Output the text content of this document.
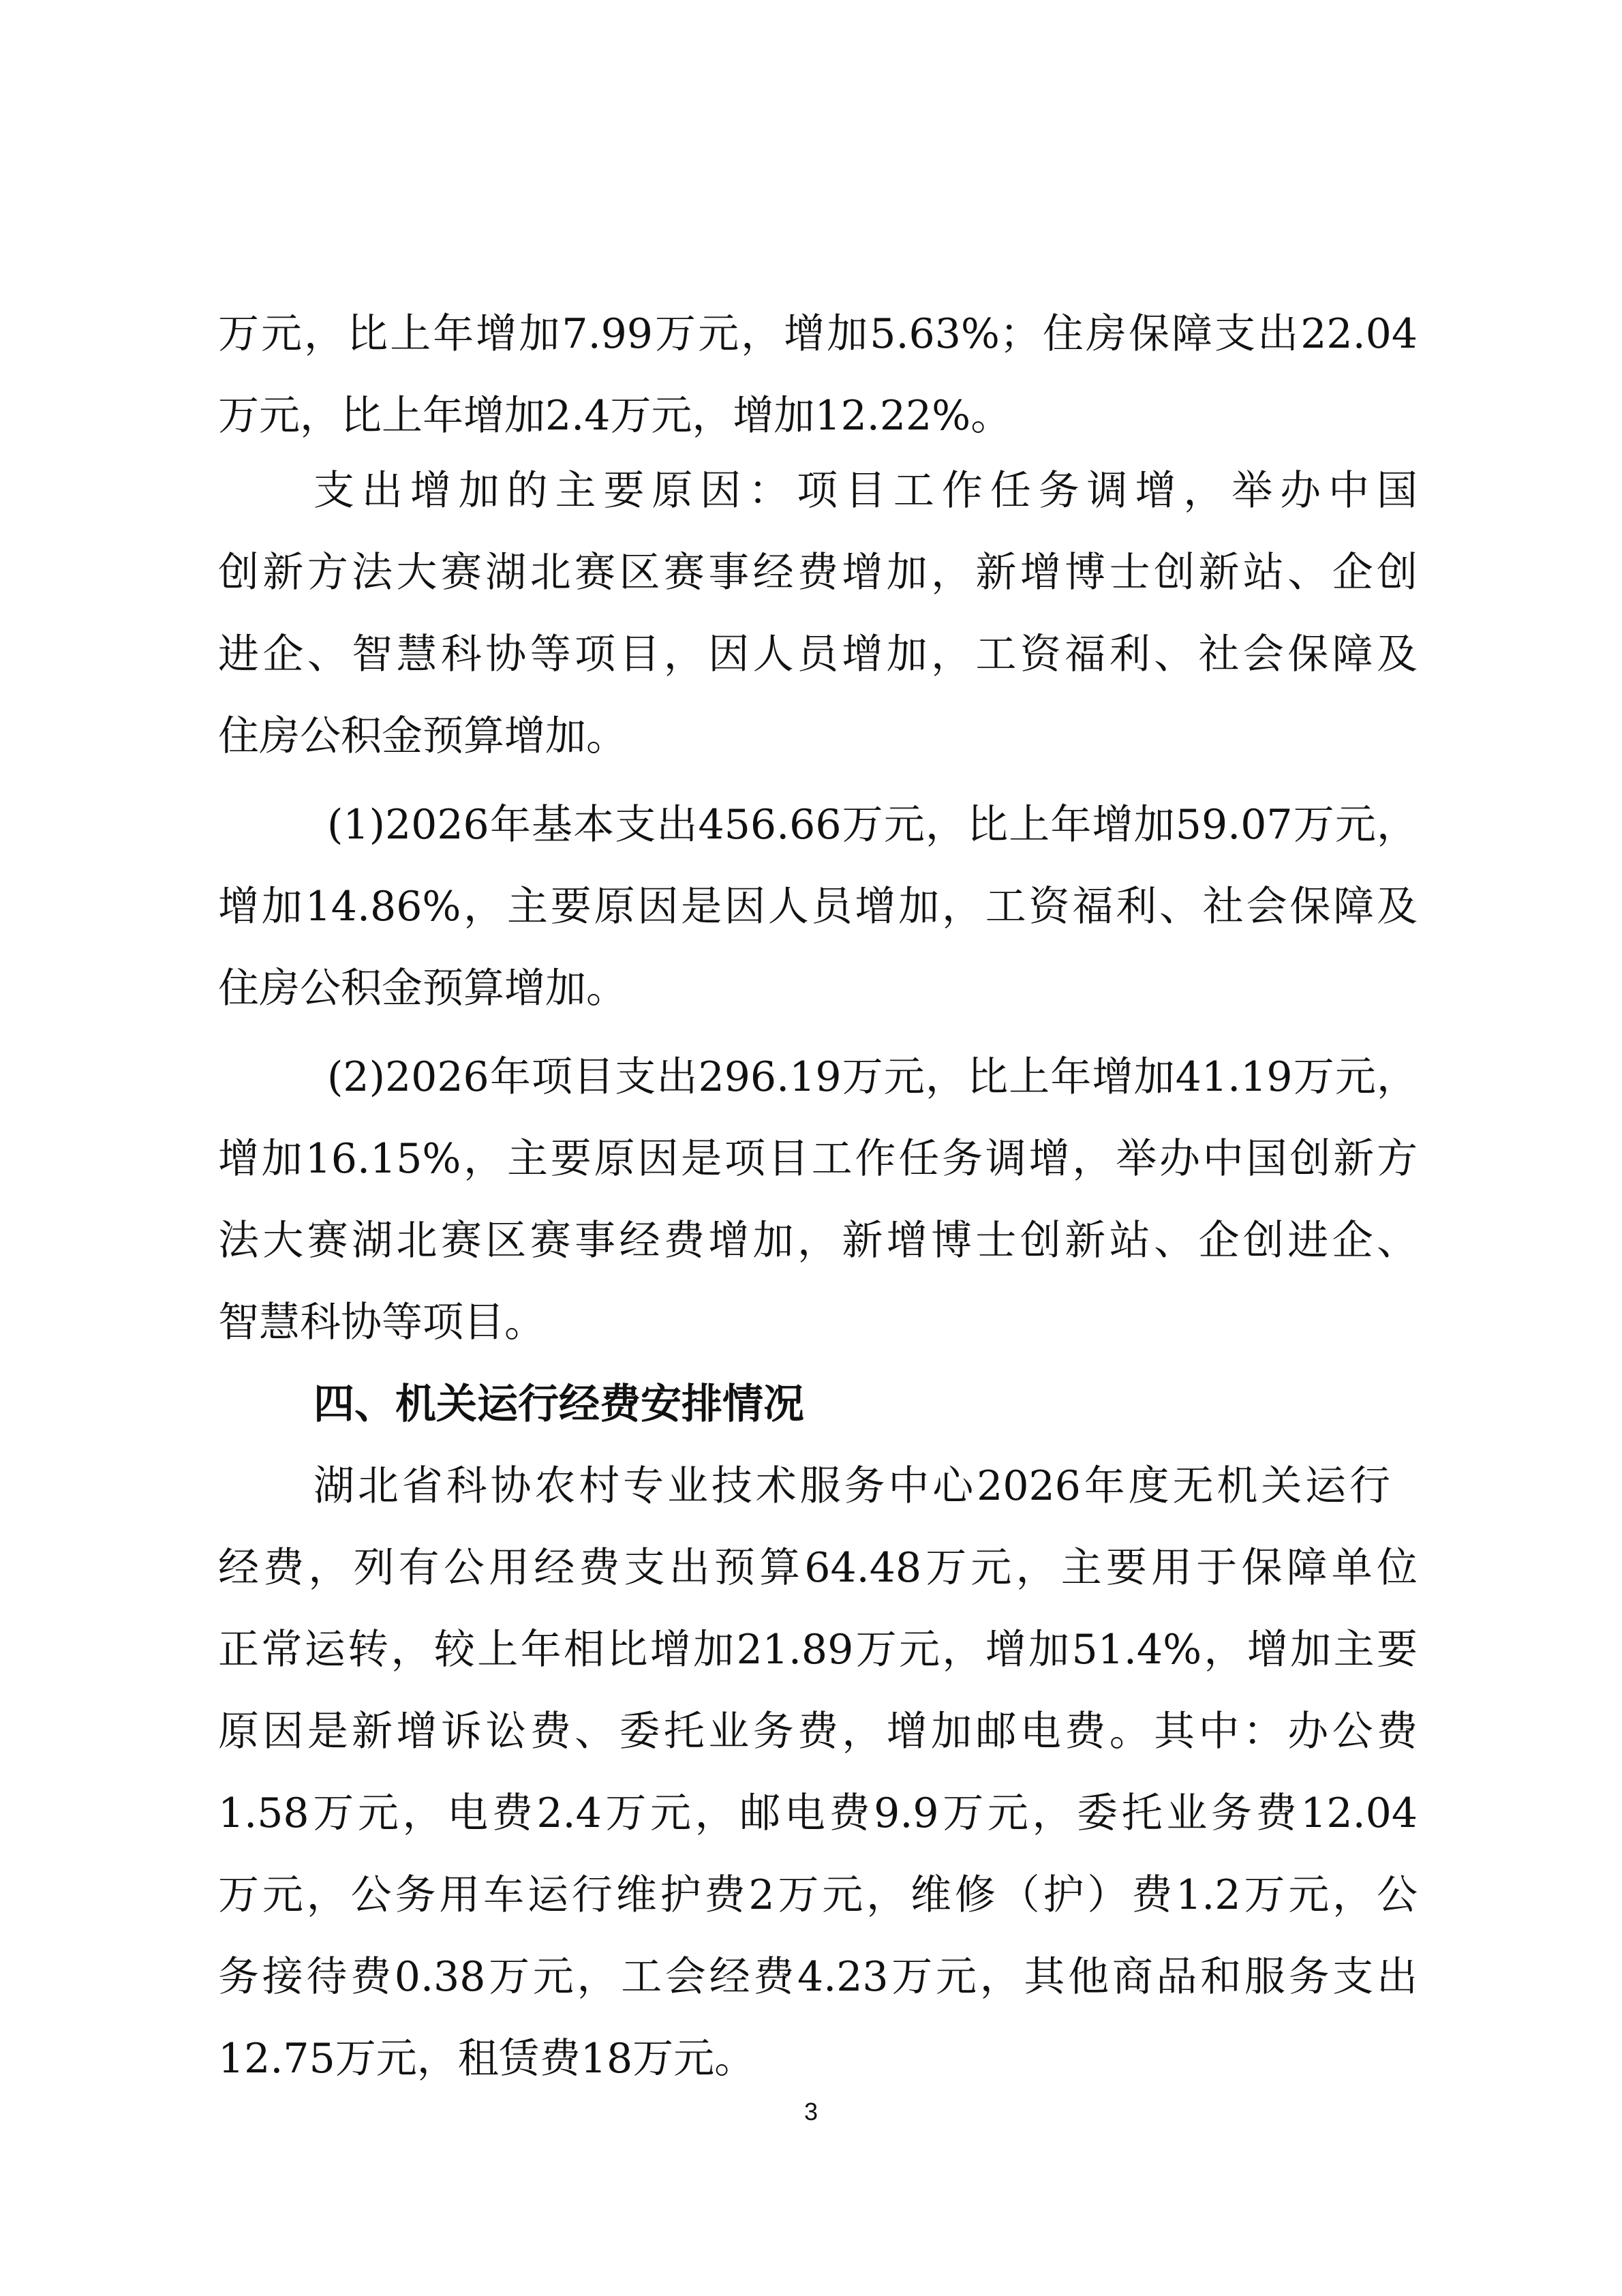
万元，比上年增加7.99万元，增加5.63%；住房保障支出22.04
万元，比上年增加2.4万元，增加12.22%。
支出增加的主要原因：项目工作任务调增，举办中国
创新方法大赛湖北赛区赛事经费增加，新增博士创新站、企创
进企、智慧科协等项目，因人员增加，工资福利、社会保障及
住房公积金预算增加。
(1)2026年基本支出456.66万元，比上年增加59.07万元，
增加14.86%，主要原因是因人员增加，工资福利、社会保障及
住房公积金预算增加。
(2)2026年项目支出296.19万元，比上年增加41.19万元，
增加16.15%，主要原因是项目工作任务调增，举办中国创新方
法大赛湖北赛区赛事经费增加，新增博士创新站、企创进企、
智慧科协等项目。
四、机关运行经费安排情况
湖北省科协农村专业技术服务中心2026年度无机关运行
经费，列有公用经费支出预算64.48万元，主要用于保障单位
正常运转，较上年相比增加21.89万元，增加51.4%，增加主要
原因是新增诉讼费、委托业务费，增加邮电费。其中：办公费
1.58万元，电费2.4万元，邮电费9.9万元，委托业务费12.04
万元，公务用车运行维护费2万元，维修（护）费1.2万元，公
务接待费0.38万元，工会经费4.23万元，其他商品和服务支出
12.75万元，租赁费18万元。
3
